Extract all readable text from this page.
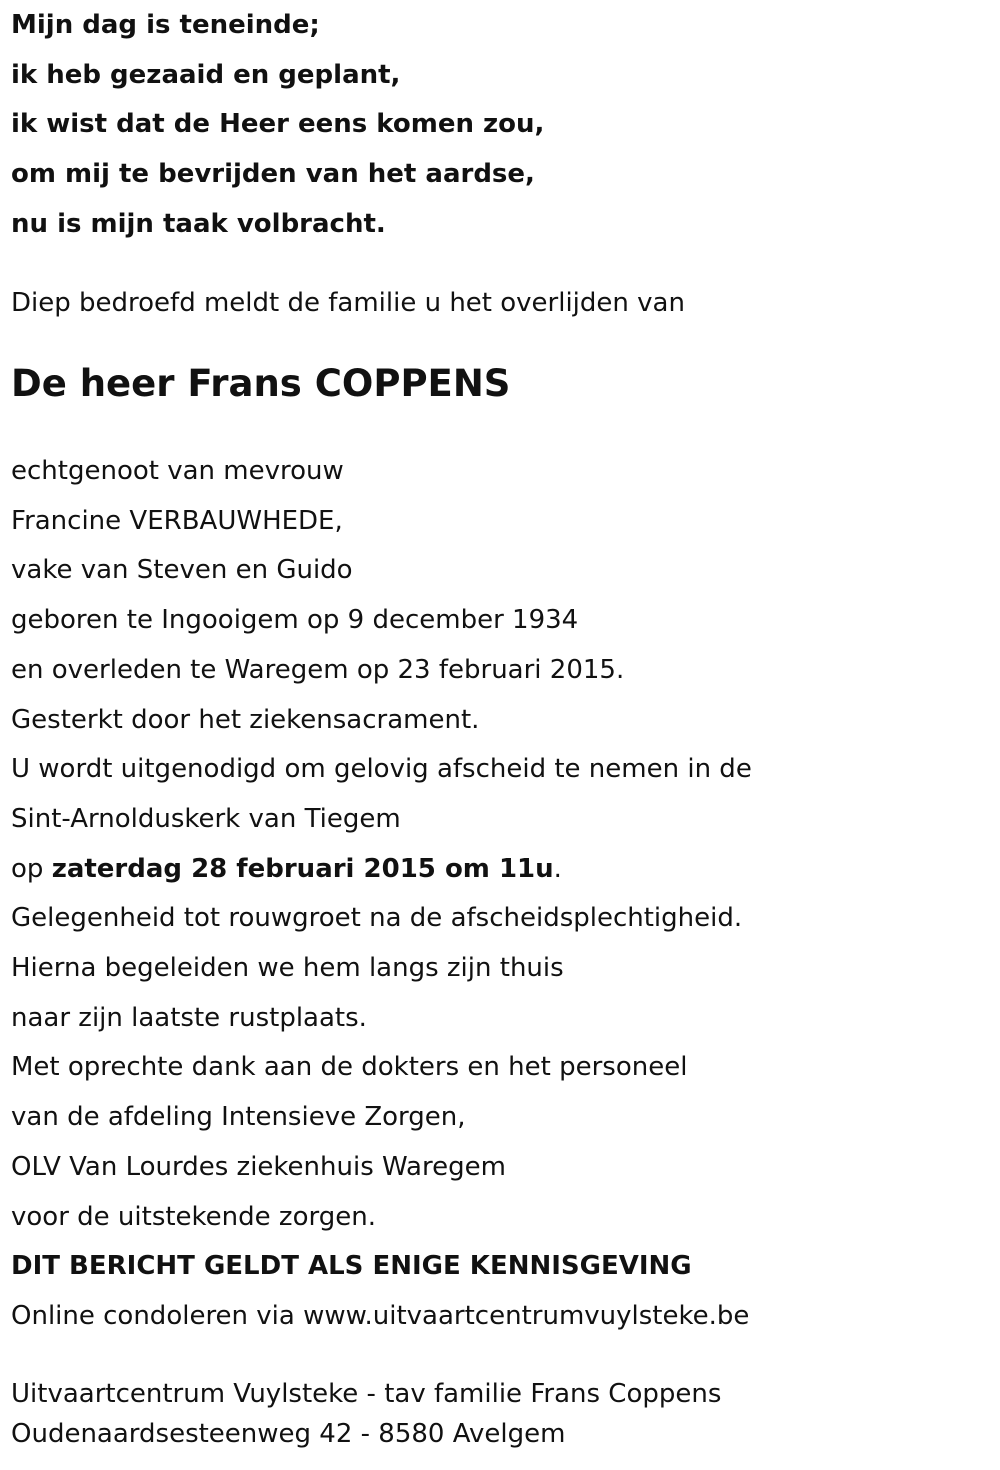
Mijn dag is teneinde;

ik heb gezaaid en geplant,

ik wist dat de Heer eens komen zou,

om mij te bevrijden van het aardse,

nu is mijn taak volbracht.

Diep bedroefd meldt de familie u het overlijden van

De heer Frans COPPENS

echtgenoot van mevrouw

Francine VERBAUWHEDE,

vake van Steven en Guido

geboren te Ingooigem op 9 december 1934

en overleden te Waregem op 23 februari 2015.

Gesterkt door het ziekensacrament.

U wordt uitgenodigd om gelovig afscheid te nemen in de

Sint-Arnolduskerk van Tiegem

op zaterdag 28 februari 2015 om 11u.

Gelegenheid tot rouwgroet na de afscheidsplechtigheid.

Hierna begeleiden we hem langs zijn thuis

naar zijn laatste rustplaats.

Met oprechte dank aan de dokters en het personeel

van de afdeling Intensieve Zorgen,

OLV Van Lourdes ziekenhuis Waregem

voor de uitstekende zorgen.

DIT BERICHT GELDT ALS ENIGE KENNISGEVING

Online condoleren via www.uitvaartcentrumvuylsteke.be

Uitvaartcentrum Vuylsteke - tav familie Frans Coppens

Oudenaardsesteenweg 42 - 8580 Avelgem
